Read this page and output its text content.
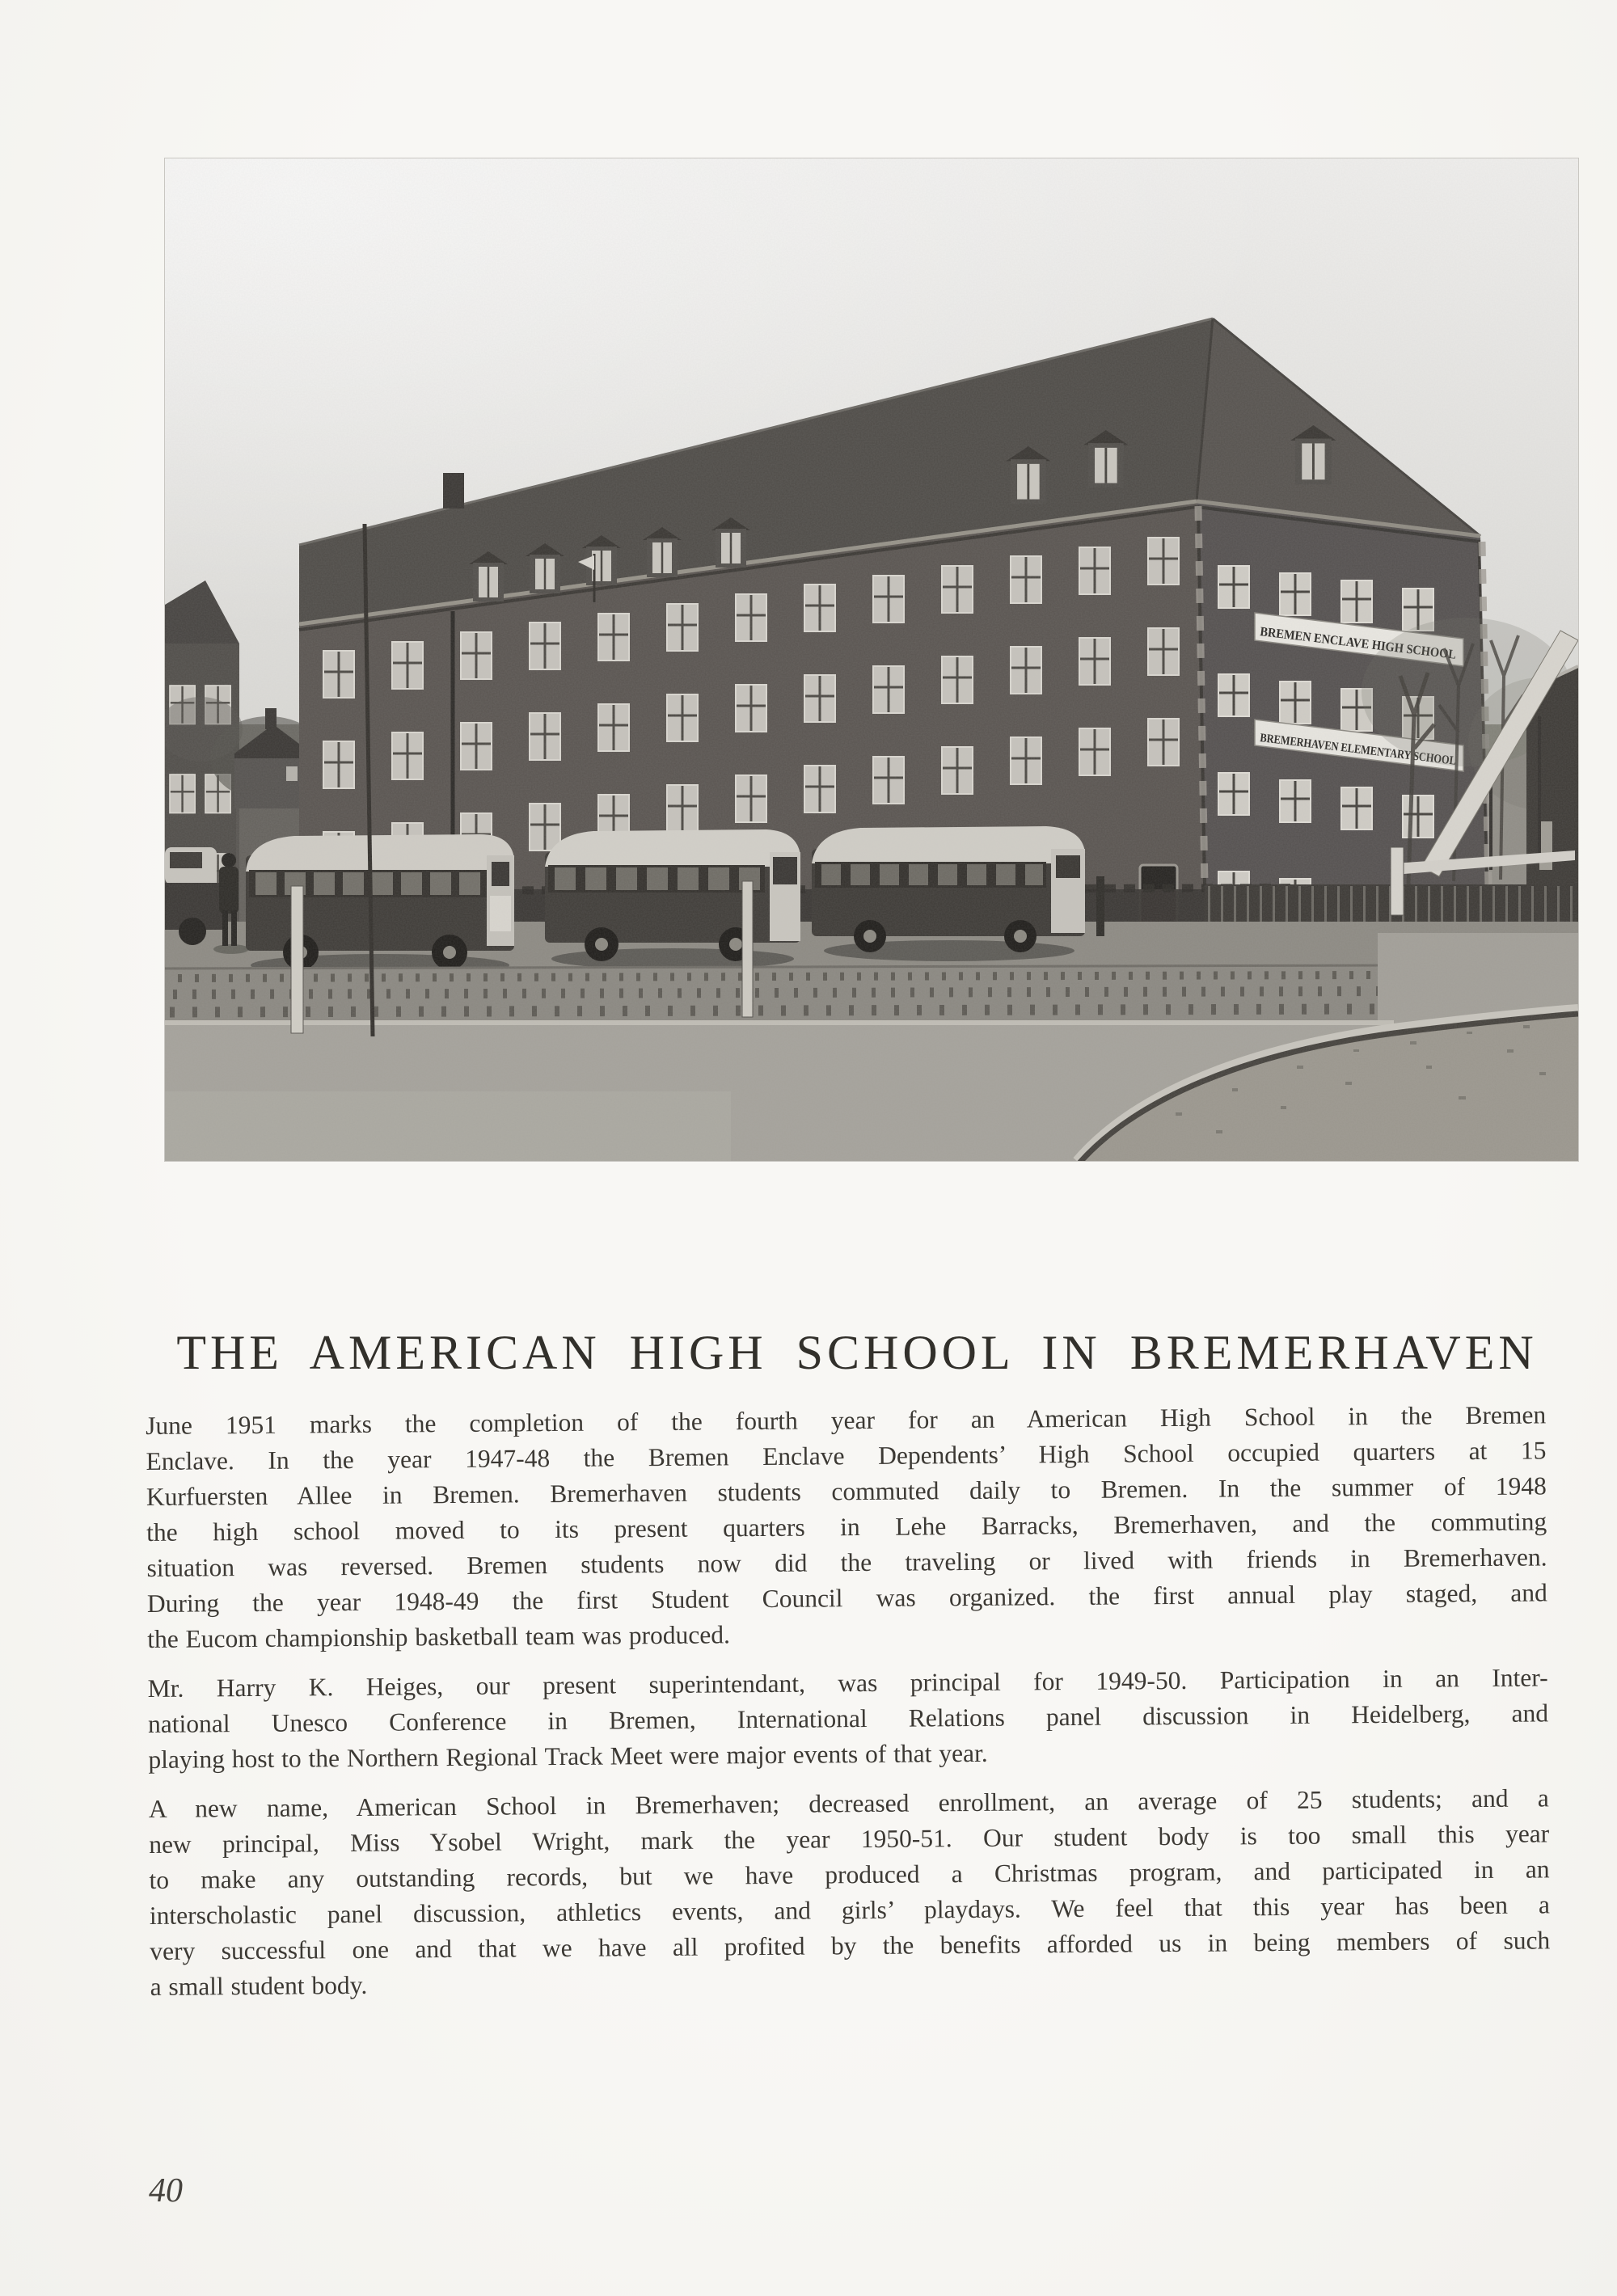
THE AMERICAN HIGH SCHOOL IN BREMERHAVEN
June 1951 marks the completion of the fourth year for an American High School in the Bremen
Enclave. In the year 1947-48 the Bremen Enclave Dependents’ High School occupied quarters at 15
Kurfuersten Allee in Bremen. Bremerhaven students commuted daily to Bremen. In the summer of 1948
the high school moved to its present quarters in Lehe Barracks, Bremerhaven, and the commuting
situation was reversed. Bremen students now did the traveling or lived with friends in Bremerhaven.
During the year 1948-49 the first Student Council was organized. the first annual play staged, and
the Eucom championship basketball team was produced.
Mr. Harry K. Heiges, our present superintendant, was principal for 1949-50. Participation in an Inter-
national Unesco Conference in Bremen, International Relations panel discussion in Heidelberg, and
playing host to the Northern Regional Track Meet were major events of that year.
A new name, American School in Bremerhaven; decreased enrollment, an average of 25 students; and a
new principal, Miss Ysobel Wright, mark the year 1950-51. Our student body is too small this year
to make any outstanding records, but we have produced a Christmas program, and participated in an
interscholastic panel discussion, athletics events, and girls’ playdays. We feel that this year has been a
very successful one and that we have all profited by the benefits afforded us in being members of such
a small student body.
40
